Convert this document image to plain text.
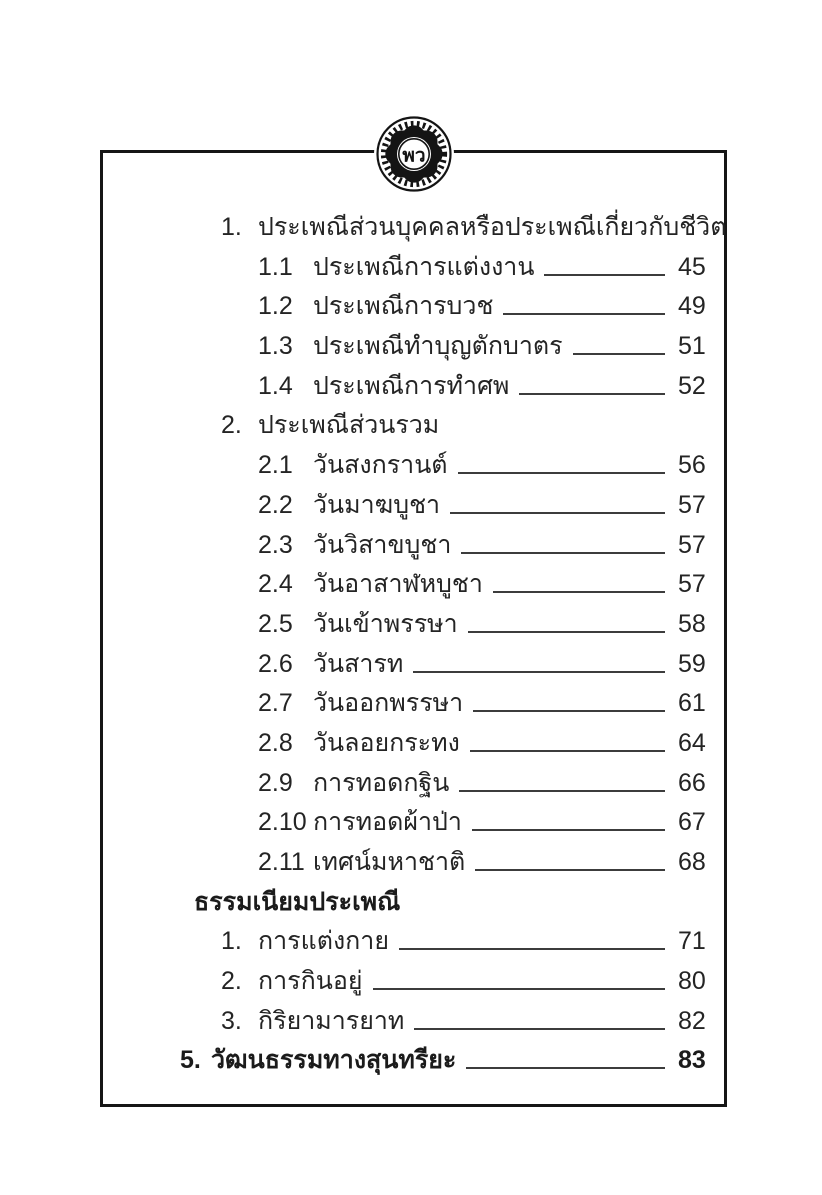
1. ประเพณีส่วนบุคคลหรือประเพณีเกี่ยวกับชีวิต
1.1 ประเพณีการแต่งงาน	45
1.2 ประเพณีการบวช	49
1.3 ประเพณีทำบุญตักบาตร	51
1.4 ประเพณีการทำศพ	52
2. ประเพณีส่วนรวม
2.1 วันสงกรานต์	56
2.2 วันมาฆบูชา	57
2.3 วันวิสาขบูชา	57
2.4 วันอาสาฬหบูชา	57
2.5 วันเข้าพรรษา	58
2.6 วันสารท	59
2.7 วันออกพรรษา	61
2.8 วันลอยกระทง	64
2.9 การทอดกฐิน	66
2.10 การทอดผ้าป่า	67
2.11 เทศน์มหาชาติ	68
ธรรมเนียมประเพณี
1. การแต่งกาย	71
2. การกินอยู่	80
3. กิริยามารยาท	82
5. วัฒนธรรมทางสุนทรียะ	83
พว
